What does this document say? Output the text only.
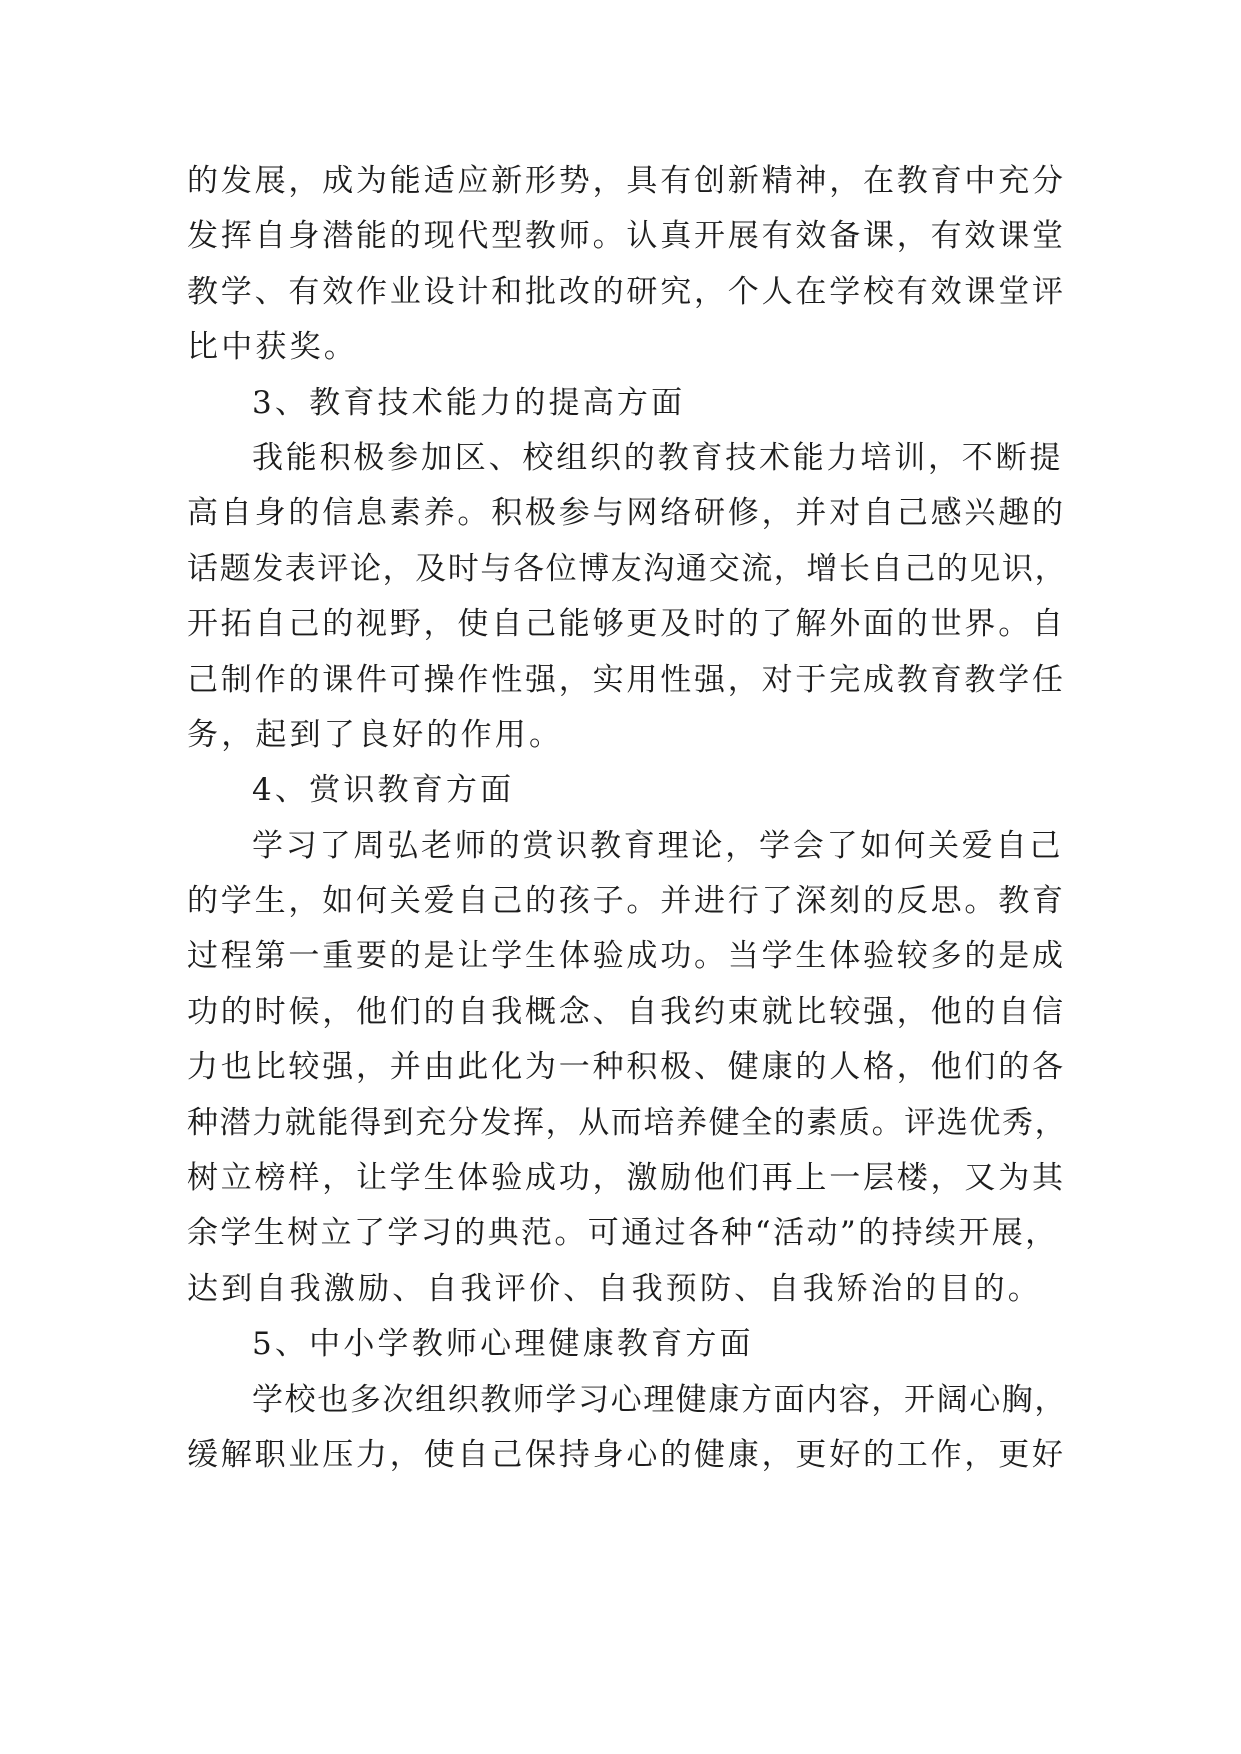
的发展，成为能适应新形势，具有创新精神，在教育中充分
发挥自身潜能的现代型教师。认真开展有效备课，有效课堂
教学、有效作业设计和批改的研究，个人在学校有效课堂评
比中获奖。
3、教育技术能力的提高方面
我能积极参加区、校组织的教育技术能力培训，不断提
高自身的信息素养。积极参与网络研修，并对自己感兴趣的
话题发表评论，及时与各位博友沟通交流，增长自己的见识，
开拓自己的视野，使自己能够更及时的了解外面的世界。自
己制作的课件可操作性强，实用性强，对于完成教育教学任
务，起到了良好的作用。
4、赏识教育方面
学习了周弘老师的赏识教育理论，学会了如何关爱自己
的学生，如何关爱自己的孩子。并进行了深刻的反思。教育
过程第一重要的是让学生体验成功。当学生体验较多的是成
功的时候，他们的自我概念、自我约束就比较强，他的自信
力也比较强，并由此化为一种积极、健康的人格，他们的各
种潜力就能得到充分发挥，从而培养健全的素质。评选优秀，
树立榜样，让学生体验成功，激励他们再上一层楼，又为其
余学生树立了学习的典范。可通过各种“活动”的持续开展，
达到自我激励、自我评价、自我预防、自我矫治的目的。
5、中小学教师心理健康教育方面
学校也多次组织教师学习心理健康方面内容，开阔心胸，
缓解职业压力，使自己保持身心的健康，更好的工作，更好
